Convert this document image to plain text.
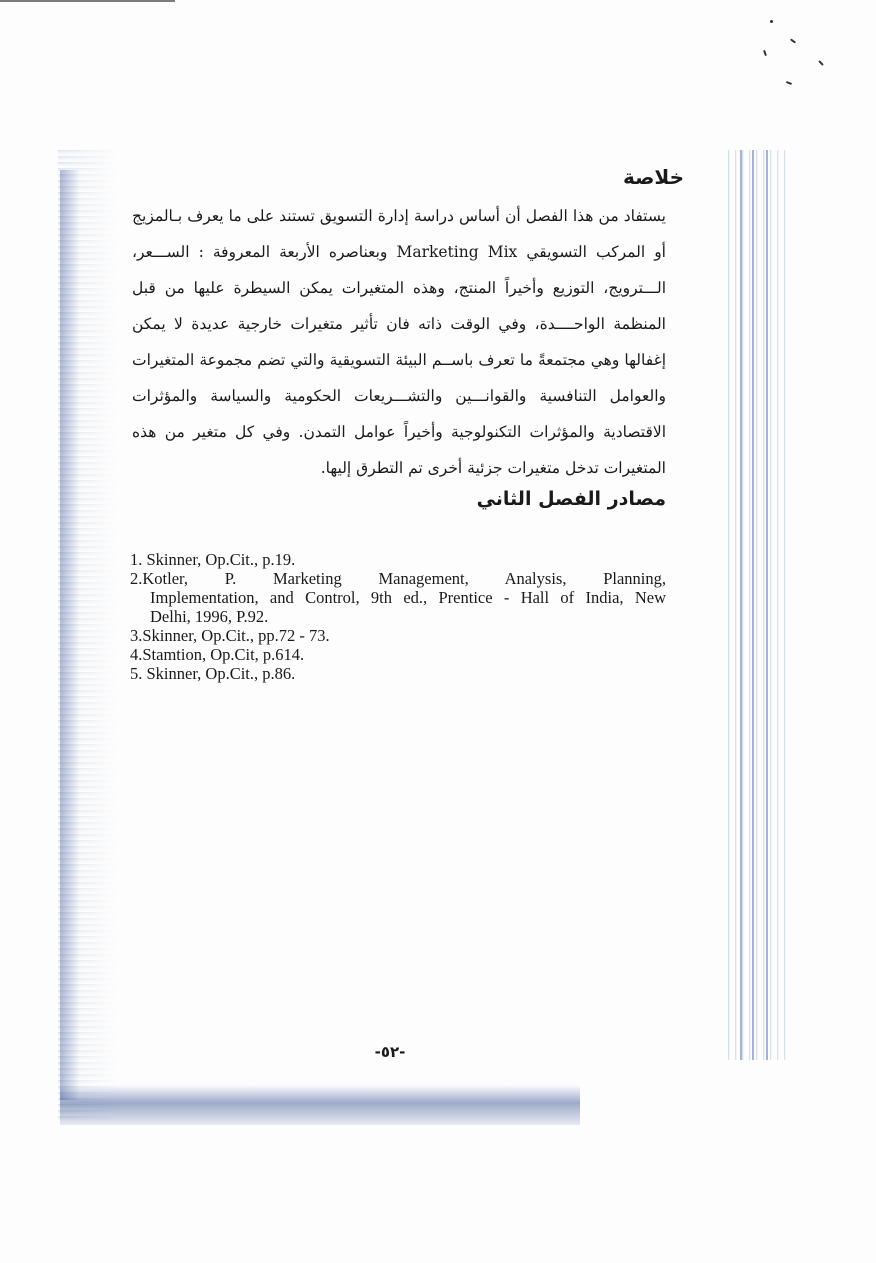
خلاصة

يستفاد من هذا الفصل أن أساس دراسة إدارة التسويق تستند على ما يعرف بـالمزيج أو المركب التسويقي Marketing Mix وبعناصره الأربعة المعروفة : الســـعر، الـــترويج، التوزيع وأخيراً المنتج، وهذه المتغيرات يمكن السيطرة عليها من قبل المنظمة الواحــــدة، وفي الوقت ذاته فان تأثير متغيرات خارجية عديدة لا يمكن إغفالها وهي مجتمعةً ما تعرف باســم البيئة التسويقية والتي تضم مجموعة المتغيرات والعوامل التنافسية والقوانـــين والتشـــريعات الحكومية والسياسة والمؤثرات الاقتصادية والمؤثرات التكنولوجية وأخيراً عوامل التمدن. وفي كل متغير من هذه المتغيرات تدخل متغيرات جزئية أخرى تم التطرق إليها.

مصادر الفصل الثاني
1. Skinner, Op.Cit., p.19.
2.Kotler, P. Marketing Management, Analysis, Planning,
Implementation, and Control, 9th ed., Prentice - Hall of India, New
Delhi, 1996, P.92.
3.Skinner, Op.Cit., pp.72 - 73.
4.Stamtion, Op.Cit, p.614.
5. Skinner, Op.Cit., p.86.
-٥٢-
